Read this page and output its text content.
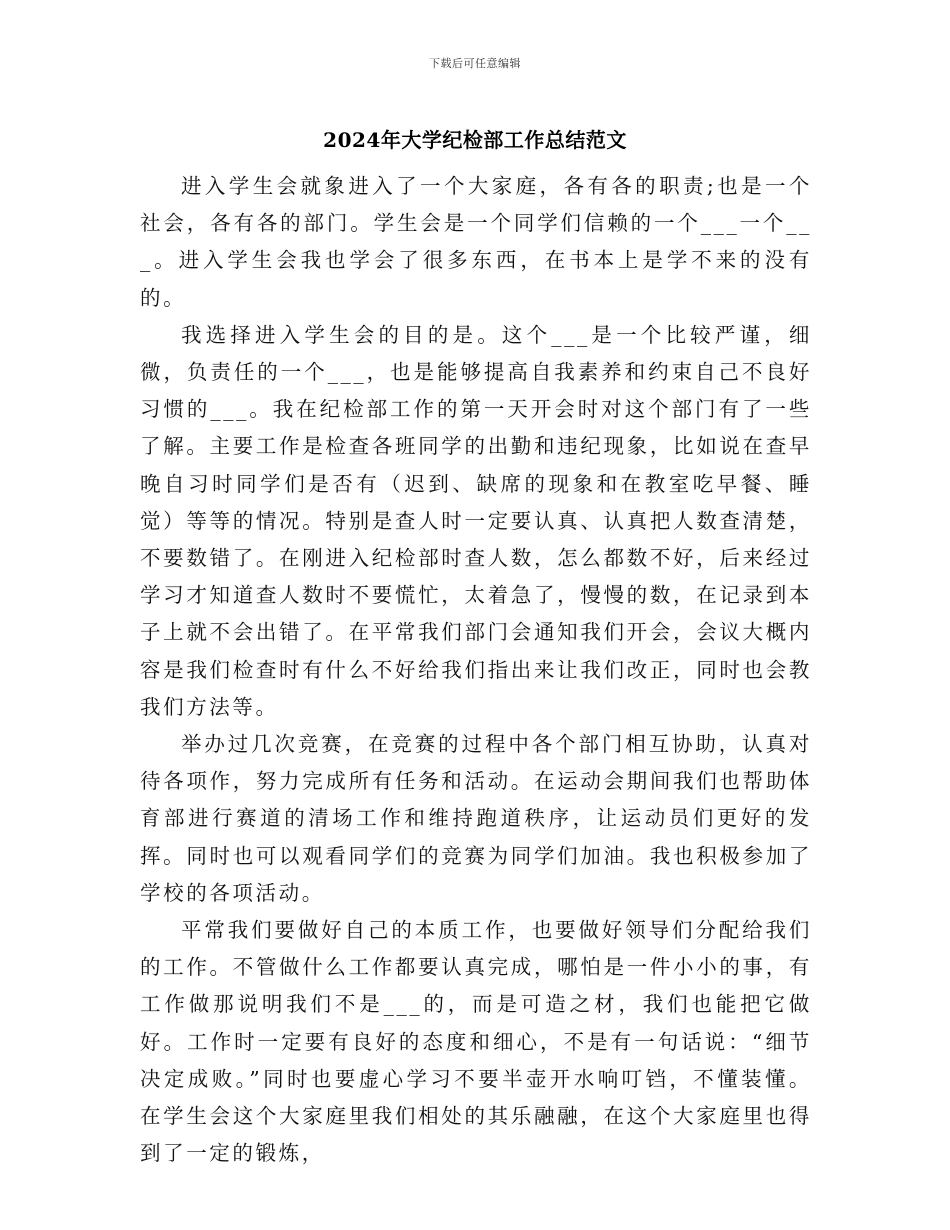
下载后可任意编辑
2024年大学纪检部工作总结范文

进入学生会就象进入了一个大家庭，各有各的职责;也是一个社会，各有各的部门。学生会是一个同学们信赖的一个___一个___。进入学生会我也学会了很多东西，在书本上是学不来的没有的。

我选择进入学生会的目的是。这个___是一个比较严谨，细微，负责任的一个___，也是能够提高自我素养和约束自己不良好习惯的___。我在纪检部工作的第一天开会时对这个部门有了一些了解。主要工作是检查各班同学的出勤和违纪现象，比如说在查早晚自习时同学们是否有（迟到、缺席的现象和在教室吃早餐、睡觉）等等的情况。特别是查人时一定要认真、认真把人数查清楚，不要数错了。在刚进入纪检部时查人数，怎么都数不好，后来经过学习才知道查人数时不要慌忙，太着急了，慢慢的数，在记录到本子上就不会出错了。在平常我们部门会通知我们开会，会议大概内容是我们检查时有什么不好给我们指出来让我们改正，同时也会教我们方法等。

举办过几次竞赛，在竞赛的过程中各个部门相互协助，认真对待各项作，努力完成所有任务和活动。在运动会期间我们也帮助体育部进行赛道的清场工作和维持跑道秩序，让运动员们更好的发挥。同时也可以观看同学们的竞赛为同学们加油。我也积极参加了学校的各项活动。

平常我们要做好自己的本质工作，也要做好领导们分配给我们的工作。不管做什么工作都要认真完成，哪怕是一件小小的事，有工作做那说明我们不是___的，而是可造之材，我们也能把它做好。工作时一定要有良好的态度和细心，不是有一句话说：“细节决定成败。”同时也要虚心学习不要半壶开水响叮铛，不懂装懂。在学生会这个大家庭里我们相处的其乐融融，在这个大家庭里也得到了一定的锻炼，
